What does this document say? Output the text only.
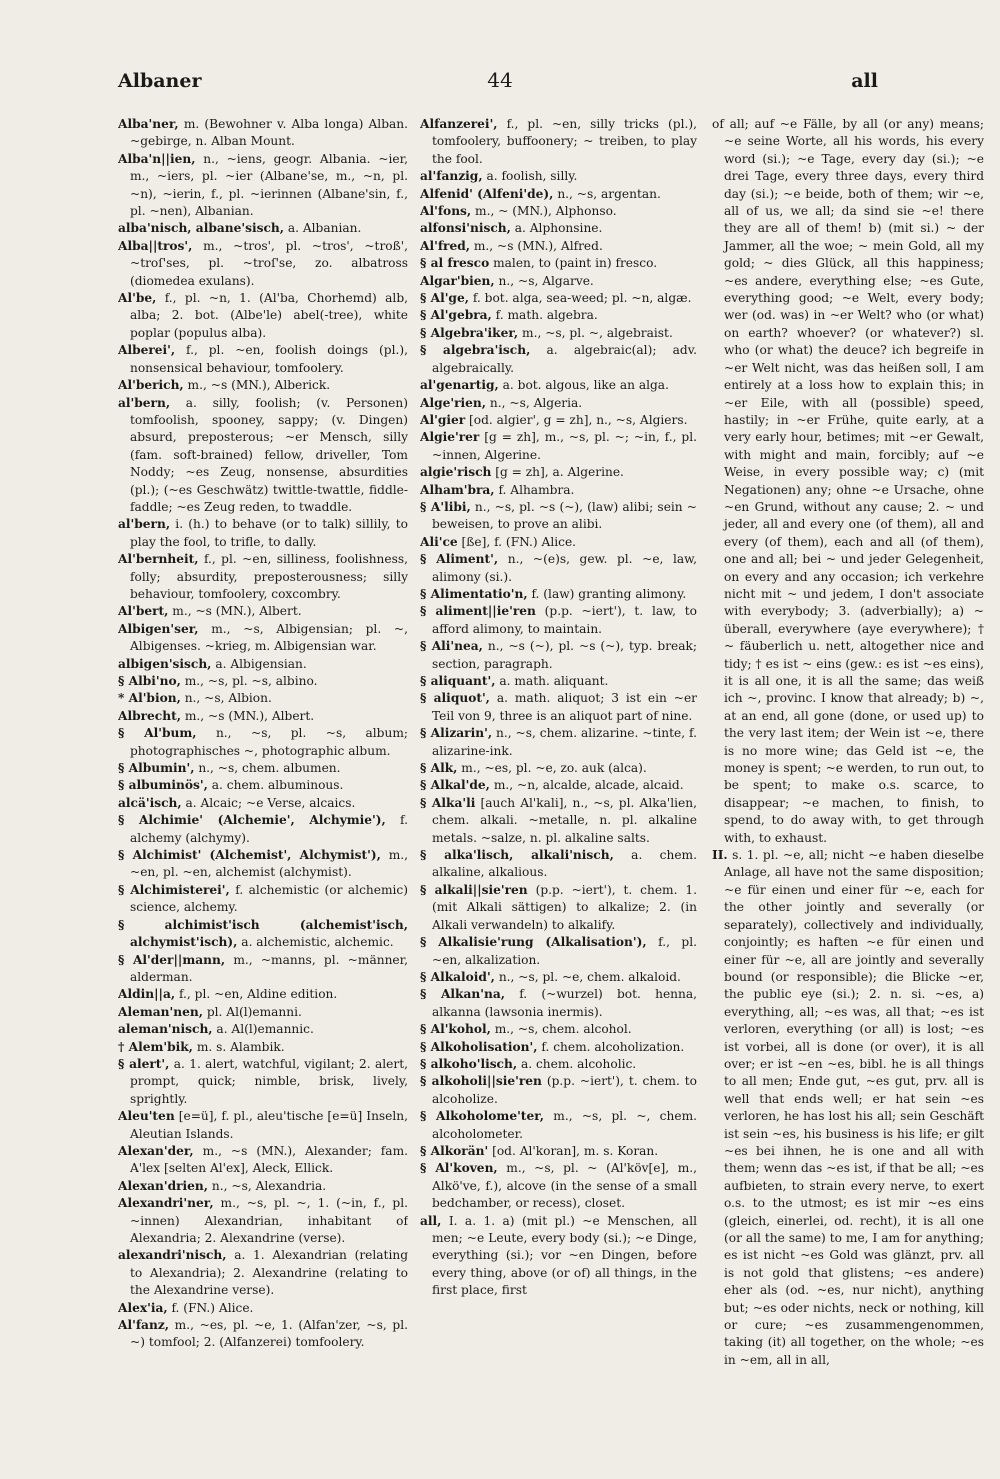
Albaner	44	all

Alba'ner, m. (Bewohner v. Alba longa) Alban. ~gebirge, n. Alban Mount.

Alba'n||ien, n., ~iens, geogr. Albania. ~ier, m., ~iers, pl. ~ier (Albane'se, m., ~n, pl. ~n), ~ierin, f., pl. ~ierinnen (Albane'sin, f., pl. ~nen), Albanian.

alba'nisch, albane'sisch, a. Albanian.

Alba||tros', m., ~tros', pl. ~tros', ~troß', ~troſ'ses, pl. ~troſ'se, zo. albatross (diomedea exulans).

Al'be, f., pl. ~n, 1. (Al'ba, Chorhemd) alb, alba; 2. bot. (Albe'le) abel(-tree), white poplar (populus alba).

Alberei', f., pl. ~en, foolish doings (pl.), nonsensical behaviour, tomfoolery.

Al'berich, m., ~s (MN.), Alberick.

al'bern, a. silly, foolish; (v. Personen) tomfoolish, spooney, sappy; (v. Dingen) absurd, preposterous; ~er Mensch, silly (fam. soft-brained) fellow, driveller, Tom Noddy; ~es Zeug, nonsense, absurdities (pl.); (~es Geschwätz) twittle-twattle, fiddle-faddle; ~es Zeug reden, to twaddle.

al'bern, i. (h.) to behave (or to talk) sillily, to play the fool, to trifle, to dally.

Al'bernheit, f., pl. ~en, silliness, foolishness, folly; absurdity, preposterousness; silly behaviour, tomfoolery, coxcombry.

Al'bert, m., ~s (MN.), Albert.

Albigen'ser, m., ~s, Albigensian; pl. ~, Albigenses. ~krieg, m. Albigensian war.

albigen'sisch, a. Albigensian.

§ Albi'no, m., ~s, pl. ~s, albino.

* Al'bion, n., ~s, Albion.

Albrecht, m., ~s (MN.), Albert.

§ Al'bum, n., ~s, pl. ~s, album; photographisches ~, photographic album.

§ Albumin', n., ~s, chem. albumen.

§ albuminös', a. chem. albuminous.

alcä'isch, a. Alcaic; ~e Verse, alcaics.

§ Alchimie' (Alchemie', Alchymie'), f. alchemy (alchymy).

§ Alchimist' (Alchemist', Alchymist'), m., ~en, pl. ~en, alchemist (alchymist).

§ Alchimisterei', f. alchemistic (or alchemic) science, alchemy.

§ alchimist'isch (alchemist'isch, alchymist'isch), a. alchemistic, alchemic.

§ Al'der||mann, m., ~manns, pl. ~männer, alderman.

Aldin||a, f., pl. ~en, Aldine edition.

Aleman'nen, pl. Al(l)emanni.

aleman'nisch, a. Al(l)emannic.

† Alem'bik, m. s. Alambik.

§ alert', a. 1. alert, watchful, vigilant; 2. alert, prompt, quick; nimble, brisk, lively, sprightly.

Aleu'ten [e=ü], f. pl., aleu'tische [e=ü] Inseln, Aleutian Islands.

Alexan'der, m., ~s (MN.), Alexander; fam. A'lex [selten Al'ex], Aleck, Ellick.

Alexan'drien, n., ~s, Alexandria.

Alexandri'ner, m., ~s, pl. ~, 1. (~in, f., pl. ~innen) Alexandrian, inhabitant of Alexandria; 2. Alexandrine (verse).

alexandri'nisch, a. 1. Alexandrian (relating to Alexandria); 2. Alexandrine (relating to the Alexandrine verse).

Alex'ia, f. (FN.) Alice.

Al'fanz, m., ~es, pl. ~e, 1. (Alfan'zer, ~s, pl. ~) tomfool; 2. (Alfanzerei) tomfoolery.

Alfanzerei', f., pl. ~en, silly tricks (pl.), tomfoolery, buffoonery; ~ treiben, to play the fool.

al'fanzig, a. foolish, silly.

Alfenid' (Alfeni'de), n., ~s, argentan.

Al'fons, m., ~ (MN.), Alphonso.

alfonsi'nisch, a. Alphonsine.

Al'fred, m., ~s (MN.), Alfred.

§ al fresco malen, to (paint in) fresco.

Algar'bien, n., ~s, Algarve.

§ Al'ge, f. bot. alga, sea-weed; pl. ~n, algæ.

§ Al'gebra, f. math. algebra.

§ Algebra'iker, m., ~s, pl. ~, algebraist.

§ algebra'isch, a. algebraic(al); adv. algebraically.

al'genartig, a. bot. algous, like an alga.

Alge'rien, n., ~s, Algeria.

Al'gier [od. algier', g = zh], n., ~s, Algiers.

Algie'rer [g = zh], m., ~s, pl. ~; ~in, f., pl. ~innen, Algerine.

algie'risch [g = zh], a. Algerine.

Alham'bra, f. Alhambra.

§ A'libi, n., ~s, pl. ~s (~), (law) alibi; sein ~ beweisen, to prove an alibi.

Ali'ce [ße], f. (FN.) Alice.

§ Aliment', n., ~(e)s, gew. pl. ~e, law, alimony (si.).

§ Alimentatio'n, f. (law) granting alimony.

§ aliment||ie'ren (p.p. ~iert'), t. law, to afford alimony, to maintain.

§ Ali'nea, n., ~s (~), pl. ~s (~), typ. break; section, paragraph.

§ aliquant', a. math. aliquant.

§ aliquot', a. math. aliquot; 3 ist ein ~er Teil von 9, three is an aliquot part of nine.

§ Alizarin', n., ~s, chem. alizarine. ~tinte, f. alizarine-ink.

§ Alk, m., ~es, pl. ~e, zo. auk (alca).

§ Alkal'de, m., ~n, alcalde, alcade, alcaid.

§ Alka'li [auch Al'kali], n., ~s, pl. Alka'lien, chem. alkali. ~metalle, n. pl. alkaline metals. ~salze, n. pl. alkaline salts.

§ alka'lisch, alkali'nisch, a. chem. alkaline, alkalious.

§ alkali||sie'ren (p.p. ~iert'), t. chem. 1. (mit Alkali sättigen) to alkalize; 2. (in Alkali verwandeln) to alkalify.

§ Alkalisie'rung (Alkalisation'), f., pl. ~en, alkalization.

§ Alkaloid', n., ~s, pl. ~e, chem. alkaloid.

§ Alkan'na, f. (~wurzel) bot. henna, alkanna (lawsonia inermis).

§ Al'kohol, m., ~s, chem. alcohol.

§ Alkoholisation', f. chem. alcoholization.

§ alkoho'lisch, a. chem. alcoholic.

§ alkoholi||sie'ren (p.p. ~iert'), t. chem. to alcoholize.

§ Alkoholome'ter, m., ~s, pl. ~, chem. alcoholometer.

§ Alkorän' [od. Al'koran], m. s. Koran.

§ Al'koven, m., ~s, pl. ~ (Al'köv[e], m., Alkö've, f.), alcove (in the sense of a small bedchamber, or recess), closet.

all, I. a. 1. a) (mit pl.) ~e Menschen, all men; ~e Leute, every body (si.); ~e Dinge, everything (si.); vor ~en Dingen, before every thing, above (or of) all things, in the first place, first

of all; auf ~e Fälle, by all (or any) means; ~e seine Worte, all his words, his every word (si.); ~e Tage, every day (si.); ~e drei Tage, every three days, every third day (si.); ~e beide, both of them; wir ~e, all of us, we all; da sind sie ~e! there they are all of them! b) (mit si.) ~ der Jammer, all the woe; ~ mein Gold, all my gold; ~ dies Glück, all this happiness; ~es andere, everything else; ~es Gute, everything good; ~e Welt, every body; wer (od. was) in ~er Welt? who (or what) on earth? whoever? (or whatever?) sl. who (or what) the deuce? ich begreife in ~er Welt nicht, was das heißen soll, I am entirely at a loss how to explain this; in ~er Eile, with all (possible) speed, hastily; in ~er Frühe, quite early, at a very early hour, betimes; mit ~er Gewalt, with might and main, forcibly; auf ~e Weise, in every possible way; c) (mit Negationen) any; ohne ~e Ursache, ohne ~en Grund, without any cause; 2. ~ und jeder, all and every one (of them), all and every (of them), each and all (of them), one and all; bei ~ und jeder Gelegenheit, on every and any occasion; ich verkehre nicht mit ~ und jedem, I don't associate with everybody; 3. (adverbially); a) ~ überall, everywhere (aye everywhere); † ~ fäuberlich u. nett, altogether nice and tidy; † es ist ~ eins (gew.: es ist ~es eins), it is all one, it is all the same; das weiß ich ~, provinc. I know that already; b) ~, at an end, all gone (done, or used up) to the very last item; der Wein ist ~e, there is no more wine; das Geld ist ~e, the money is spent; ~e werden, to run out, to be spent; to make o.s. scarce, to disappear; ~e machen, to finish, to spend, to do away with, to get through with, to exhaust.

II. s. 1. pl. ~e, all; nicht ~e haben dieselbe Anlage, all have not the same disposition; ~e für einen und einer für ~e, each for the other jointly and severally (or separately), collectively and individually, conjointly; es haften ~e für einen und einer für ~e, all are jointly and severally bound (or responsible); die Blicke ~er, the public eye (si.); 2. n. si. ~es, a) everything, all; ~es was, all that; ~es ist verloren, everything (or all) is lost; ~es ist vorbei, all is done (or over), it is all over; er ist ~en ~es, bibl. he is all things to all men; Ende gut, ~es gut, prv. all is well that ends well; er hat sein ~es verloren, he has lost his all; sein Geschäft ist sein ~es, his business is his life; er gilt ~es bei ihnen, he is one and all with them; wenn das ~es ist, if that be all; ~es aufbieten, to strain every nerve, to exert o.s. to the utmost; es ist mir ~es eins (gleich, einerlei, od. recht), it is all one (or all the same) to me, I am for anything; es ist nicht ~es Gold was glänzt, prv. all is not gold that glistens; ~es andere) eher als (od. ~es, nur nicht), anything but; ~es oder nichts, neck or nothing, kill or cure; ~es zusammengenommen, taking (it) all together, on the whole; ~es in ~em, all in all,
